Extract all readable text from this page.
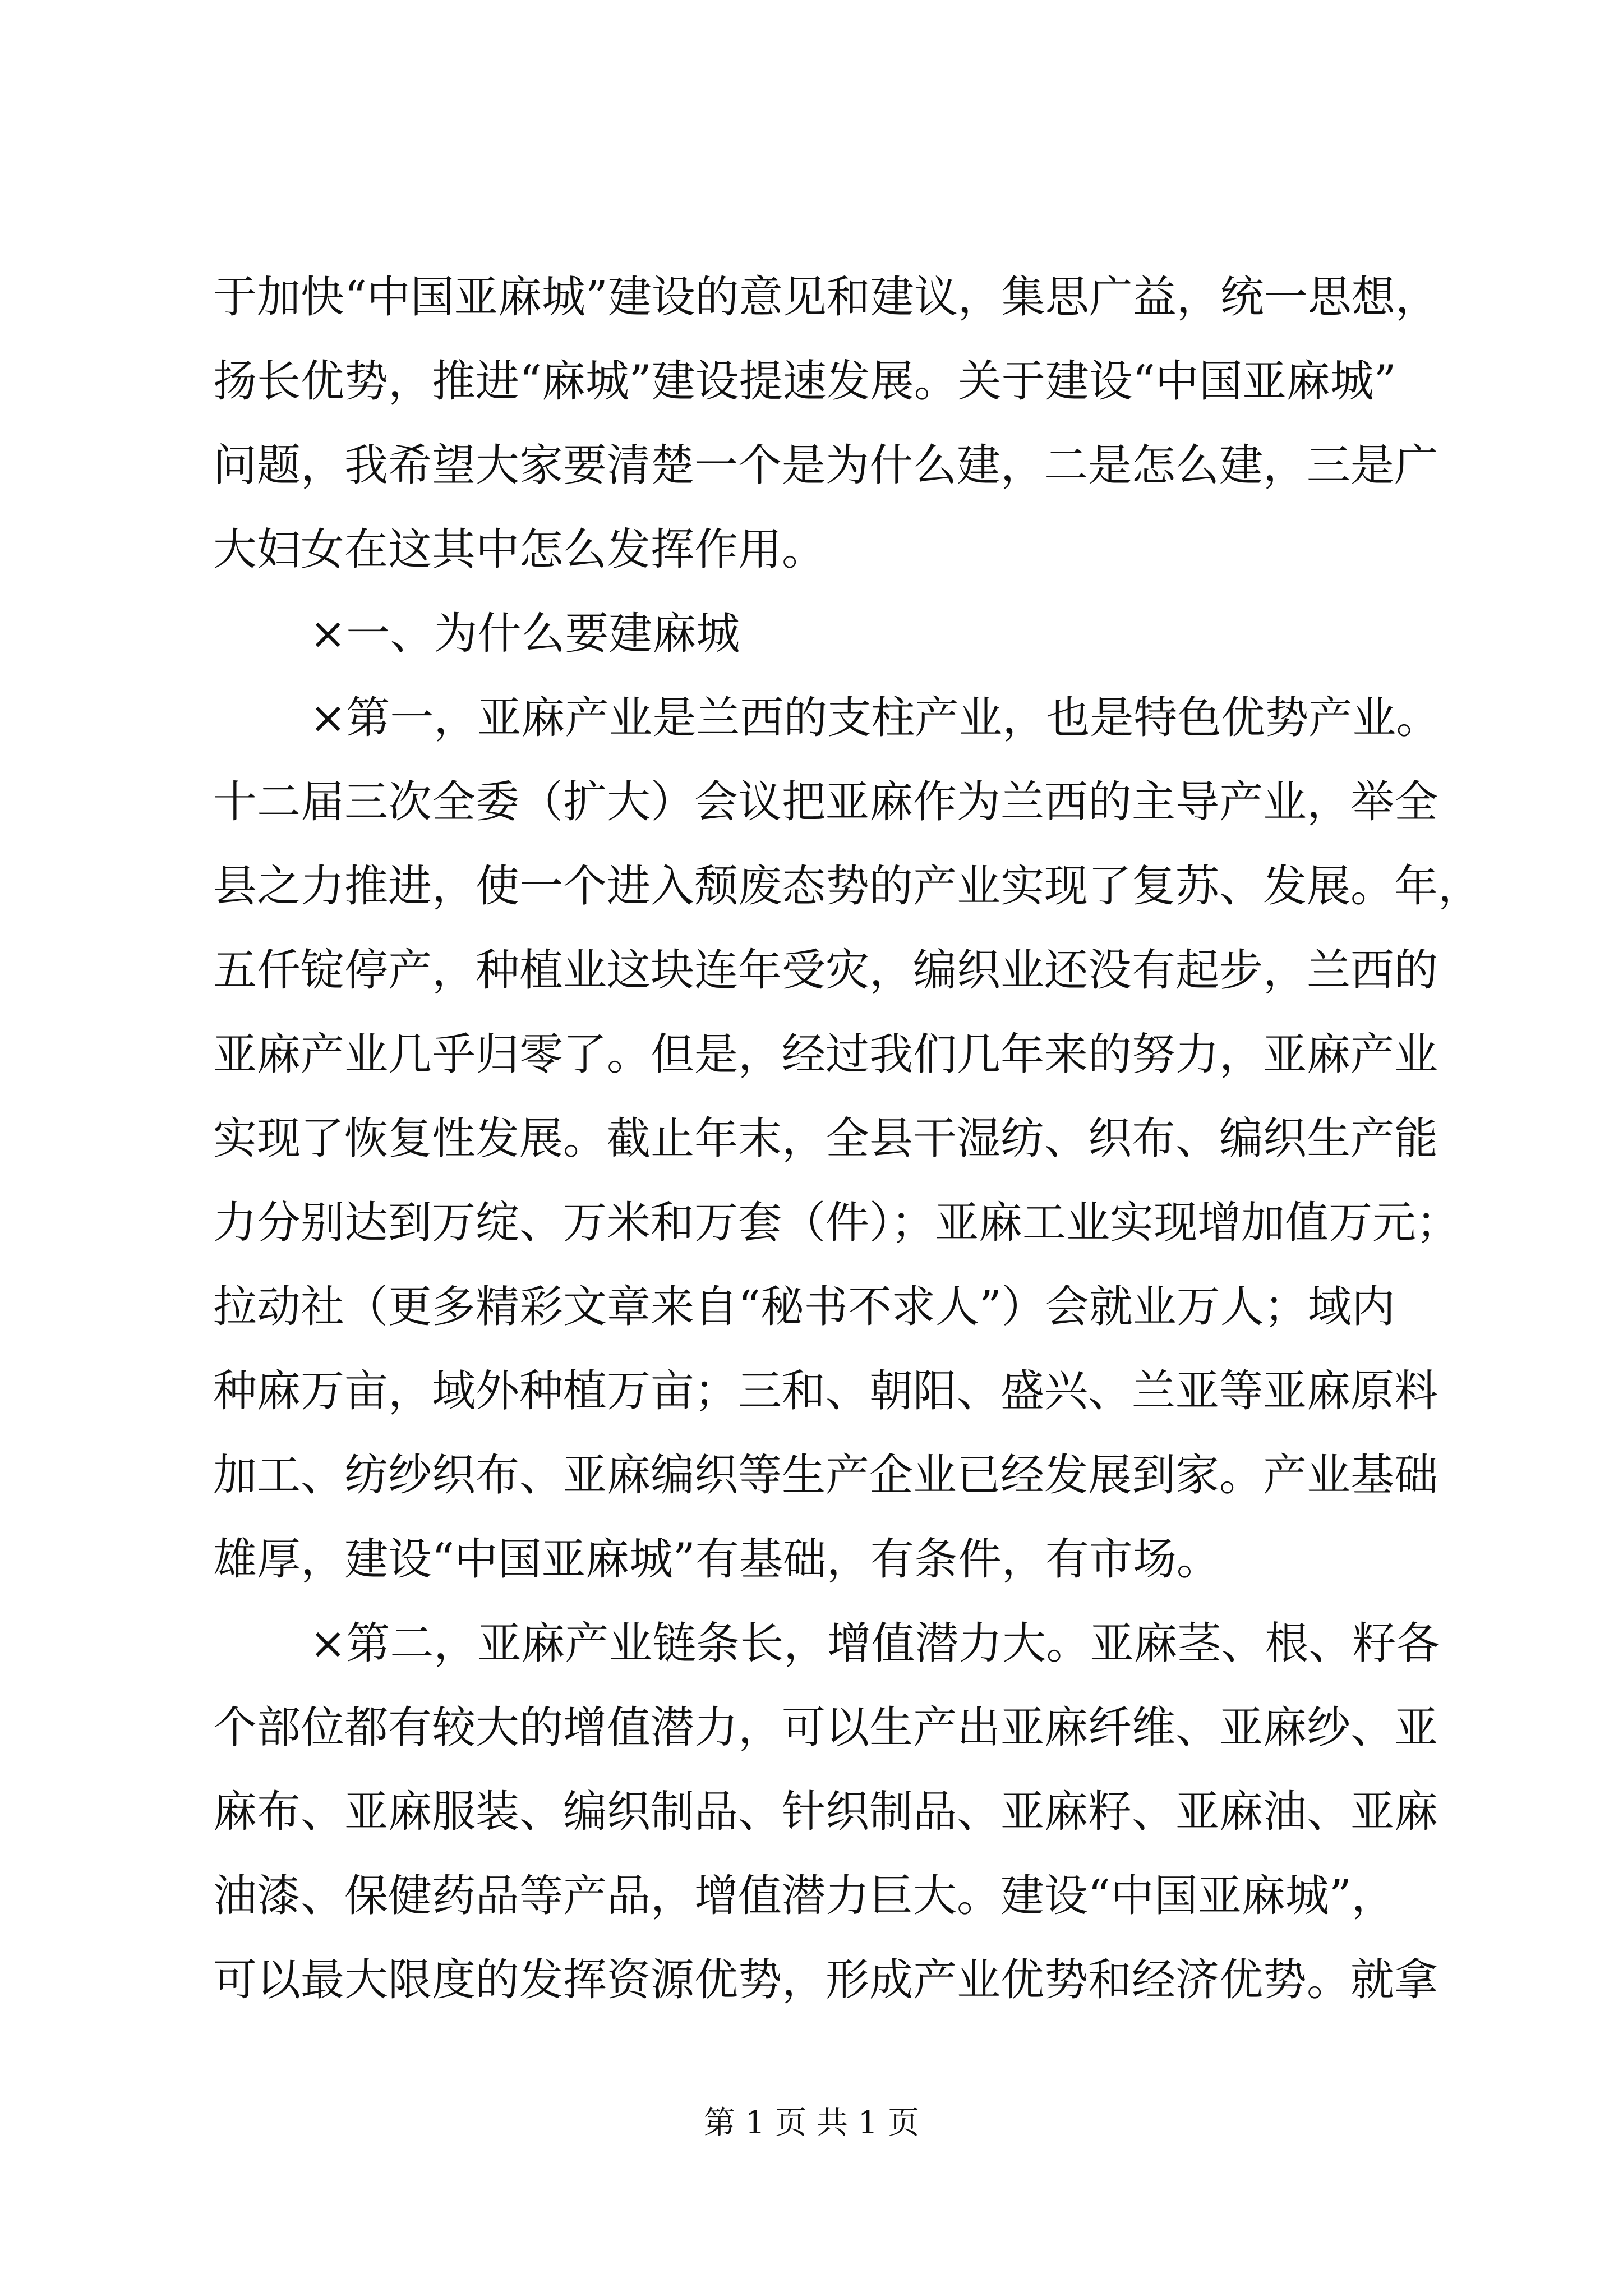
于加快“中国亚麻城”建设的意见和建议，集思广益，统一思想，
扬长优势，推进“麻城”建设提速发展。关于建设“中国亚麻城”
问题，我希望大家要清楚一个是为什么建，二是怎么建，三是广
大妇女在这其中怎么发挥作用。
×一、为什么要建麻城
×第一，亚麻产业是兰西的支柱产业，也是特色优势产业。
十二届三次全委（扩大）会议把亚麻作为兰西的主导产业，举全
县之力推进，使一个进入颓废态势的产业实现了复苏、发展。年，
五仟锭停产，种植业这块连年受灾，编织业还没有起步，兰西的
亚麻产业几乎归零了。但是，经过我们几年来的努力，亚麻产业
实现了恢复性发展。截止年末，全县干湿纺、织布、编织生产能
力分别达到万绽、万米和万套（件）；亚麻工业实现增加值万元；
拉动社（更多精彩文章来自“秘书不求人”）会就业万人；域内
种麻万亩，域外种植万亩；三和、朝阳、盛兴、兰亚等亚麻原料
加工、纺纱织布、亚麻编织等生产企业已经发展到家。产业基础
雄厚，建设“中国亚麻城”有基础，有条件，有市场。
×第二，亚麻产业链条长，增值潜力大。亚麻茎、根、籽各
个部位都有较大的增值潜力，可以生产出亚麻纤维、亚麻纱、亚
麻布、亚麻服装、编织制品、针织制品、亚麻籽、亚麻油、亚麻
油漆、保健药品等产品，增值潜力巨大。建设“中国亚麻城”，
可以最大限度的发挥资源优势，形成产业优势和经济优势。就拿
第 1 页 共 1 页
